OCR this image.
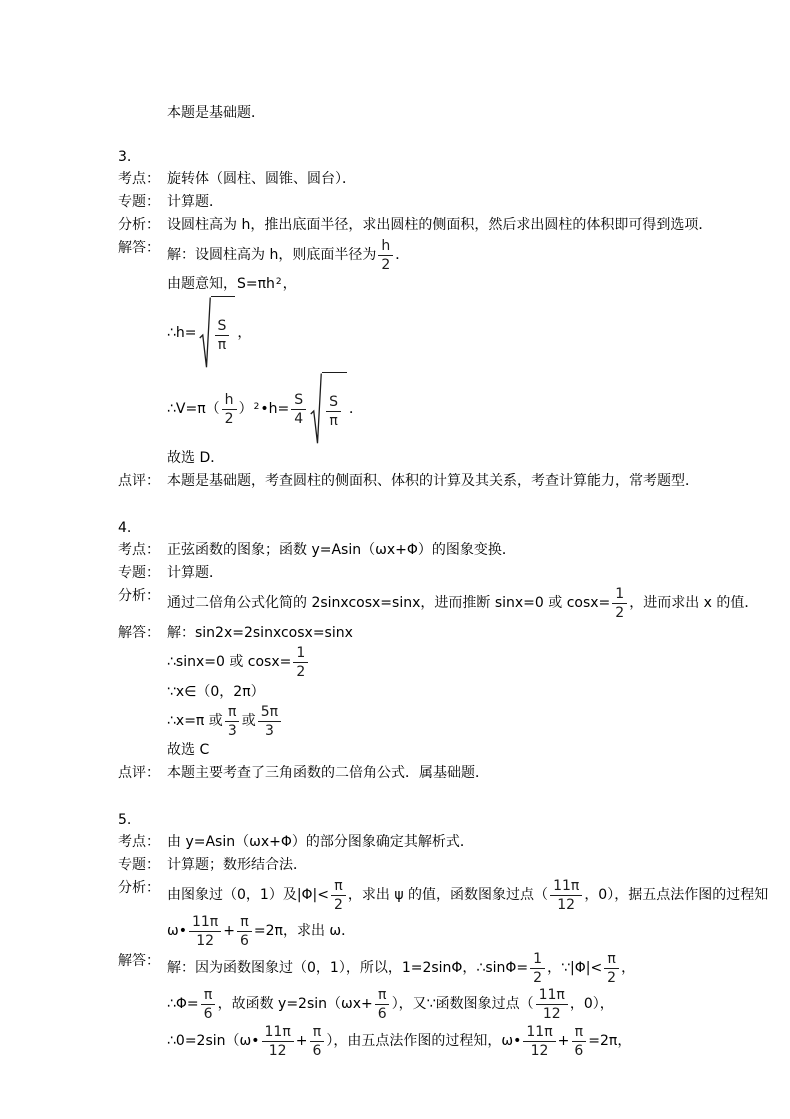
本题是基础题．
3.
考点： 旋转体（圆柱、圆锥、圆台）．
专题： 计算题．
分析： 设圆柱高为 h，推出底面半径，求出圆柱的侧面积，然后求出圆柱的体积即可得到选项．
解答： 解：设圆柱高为 h，则底面半径为 $\frac{h}{2}$ ．
由题意知，S=πh 2 ，
∴h= $\frac{S}{\pi}$ ，
∴V=π（ $\frac{h}{2}$ ） 2 •h= $\frac{S}{4} \frac{S}{\pi}$ ．
故选 D．
点评： 本题是基础题，考查圆柱的侧面积、体积的计算及其关系，考查计算能力，常考题型．
4.
考点： 正弦函数的图象；函数 y=Asin（ωx+Φ）的图象变换．
专题： 计算题．
分析： 通过二倍角公式化简的 2sinxcosx=sinx，进而推断 sinx=0 或 $\cos x= \frac{1}{2}$ ，进而求出 x 的值．
解答： 解：sin2x=2sinxcosx=sinx
∴sinx=0 或 $\cos x= \frac{1}{2}$
∵x∈（0，2π）
∴x=π 或 $\frac{\pi}{3}$ 或 $\frac{5\pi}{3}$
故选 C
点评： 本题主要考查了三角函数的二倍角公式．属基础题．
5.
考点： 由 y=Asin（ωx+Φ）的部分图象确定其解析式．
专题： 计算题；数形结合法．
分析： 由图象过（0，1）及$|\Phi|< \frac{\pi}{2}$ ，求出 ψ 的值，函数图象过点（ $\frac{11\pi}{12}$ ，0），据五点法作图的过程知
ω• $\frac{11\pi}{12} + \frac{\pi}{6} =2\pi$，求出 ω．
解答： 解：因为函数图象过（0，1），所以，1=2sinΦ，∴sinΦ= $\frac{1}{2}$ ，∵|Φ|< $\frac{\pi}{2}$ ，
∴Φ= $\frac{\pi}{6}$ ，故函数 $y=2\sin(\omega x+ \frac{\pi}{6}$ ），又∵函数图象过点（ $\frac{11\pi}{12}$ ，0），
∴0=2sin（ω• $\frac{11\pi}{12} + \frac{\pi}{6}$ ），由五点法作图的过程知，ω• $\frac{11\pi}{12} + \frac{\pi}{6} =2\pi$，
